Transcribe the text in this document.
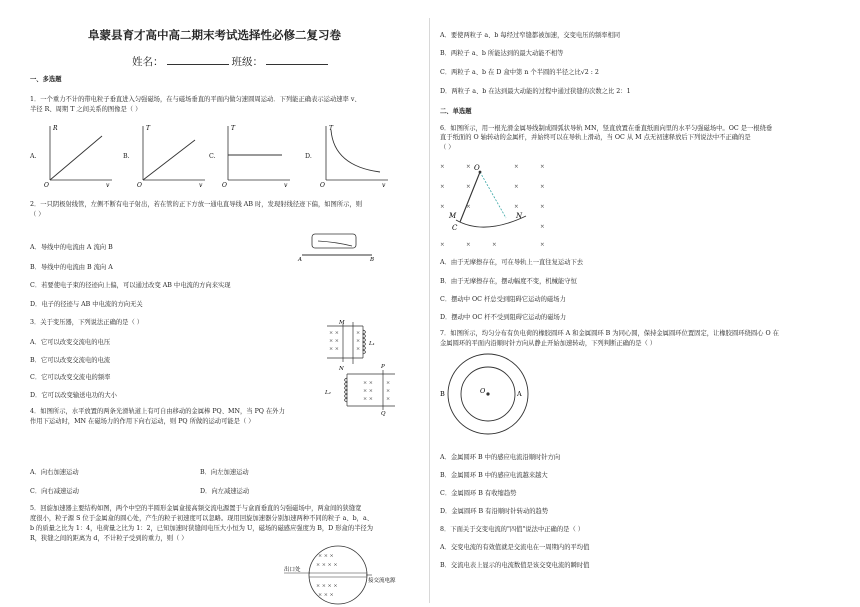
阜蒙县育才高中高二期末考试选择性必修二复习卷
姓名：	班级：
一、多选题
1．一个重力不计的带电粒子垂直进入匀强磁场，在与磁场垂直的平面内做匀速圆周运动．下列能正确表示运动速率 v、
半径 R、周期 T 之间关系的图像是（ ）
A.	B.	C.	D.
R
O	v
T
O	v
T
O	v
T
O	v
2．一只阴极射线管，左侧不断有电子射出，若在管的正下方放一通电直导线 AB 时，发现射线径迹下偏，如图所示，则
（ ）
A	B
A．导线中的电流由 A 流向 B
B．导线中的电流由 B 流向 A
C．若要使电子束的径迹向上偏，可以通过改变 AB 中电流的方向来实现
D．电子的径迹与 AB 中电流的方向无关
3．关于变压器，下列说法正确的是（ ）
A．它可以改变交流电的电压
B．它可以改变交流电的电流
C．它可以改变交流电的频率
D．它可以改变输送电功的大小
× ×
× ×
× ×
×
×
×
× ×
× ×
× ×
×
×
×
M
N
L₁
L₂
P
Q
4．如图所示，水平放置的两条光滑轨道上有可自由移动的金属棒 PQ、MN，当 PQ 在外力
作用下运动时，MN 在磁场力的作用下向右运动，则 PQ 所做的运动可能是（ ）
A．向右加速运动	B．向左加速运动
C．向右减速运动	D．向左减速运动
5．回旋加速器主要结构如图，两个中空的半圆形金属盒接高频交流电源置于与盒面垂直的匀强磁场中，两盒间的狭缝宽
度很小，粒子源 S 位于金属盒的圆心处，产生的粒子初速度可以忽略。现用回旋加速器分别加速两种不同的粒子 a、b，a、
b 的质量之比为 1：4，电荷量之比为 1：2，已知加速时狭缝间电压大小恒为 U，磁场的磁感应强度为 B，D 形盒的半径为
R，狭缝之间的距离为 d，不计粒子受到的重力，则（ ）
× × ×
× × × ×
× × × ×
× × ×
出口处
接交流电源
A．要使两粒子 a、b 每经过窄缝都被加速，交变电压的频率相同
B．两粒子 a、b 所能达到的最大动能不相等
C．两粒子 a、b 在 D 盒中第 n 个半圆的半径之比√2 : 2
D．两粒子 a、b 在达到最大动能的过程中通过狭缝的次数之比 2：1
二、单选题
6．如图所示，用一根光滑金属导线制成圆弧状导轨 MN，竖直放置在垂直纸面向里的水平匀强磁场中。OC 是一根绕垂
直于纸面的 O 轴转动的金属杆，并始终可以在导轨上滑动，当 OC 从 M 点无初速释放后下列说法中不正确的是
（ ）
×	×	×	×
×	×	×	×
×	×	×	×
×
×	×	×	×
O
M	N
C
A．由于无摩擦存在，可在导轨上一直往复运动下去
B．由于无摩擦存在，摆动幅度不变，机械能守恒
C．摆动中 OC 杆总受到阻碍它运动的磁场力
D．摆动中 OC 杆不受到阻碍它运动的磁场力
7．如图所示，均匀分布有负电荷的橡胶圆环 A 和金属圆环 B 为同心圆，保持金属圆环位置固定，让橡胶圆环绕圆心 O 在
金属圆环的平面内沿顺时针方向从静止开始加速转动，下列判断正确的是（ ）
B	A
O
A．金属圆环 B 中的感应电流沿顺时针方向
B．金属圆环 B 中的感应电流越来越大
C．金属圆环 B 有收缩趋势
D．金属圆环 B 有沿顺时针转动的趋势
8．下面关于交变电流的"四值"说法中正确的是（ ）
A．交变电流的有效值就是交流电在一周期内的平均值
B．交流电表上显示的电流数值是该交变电流的瞬时值
